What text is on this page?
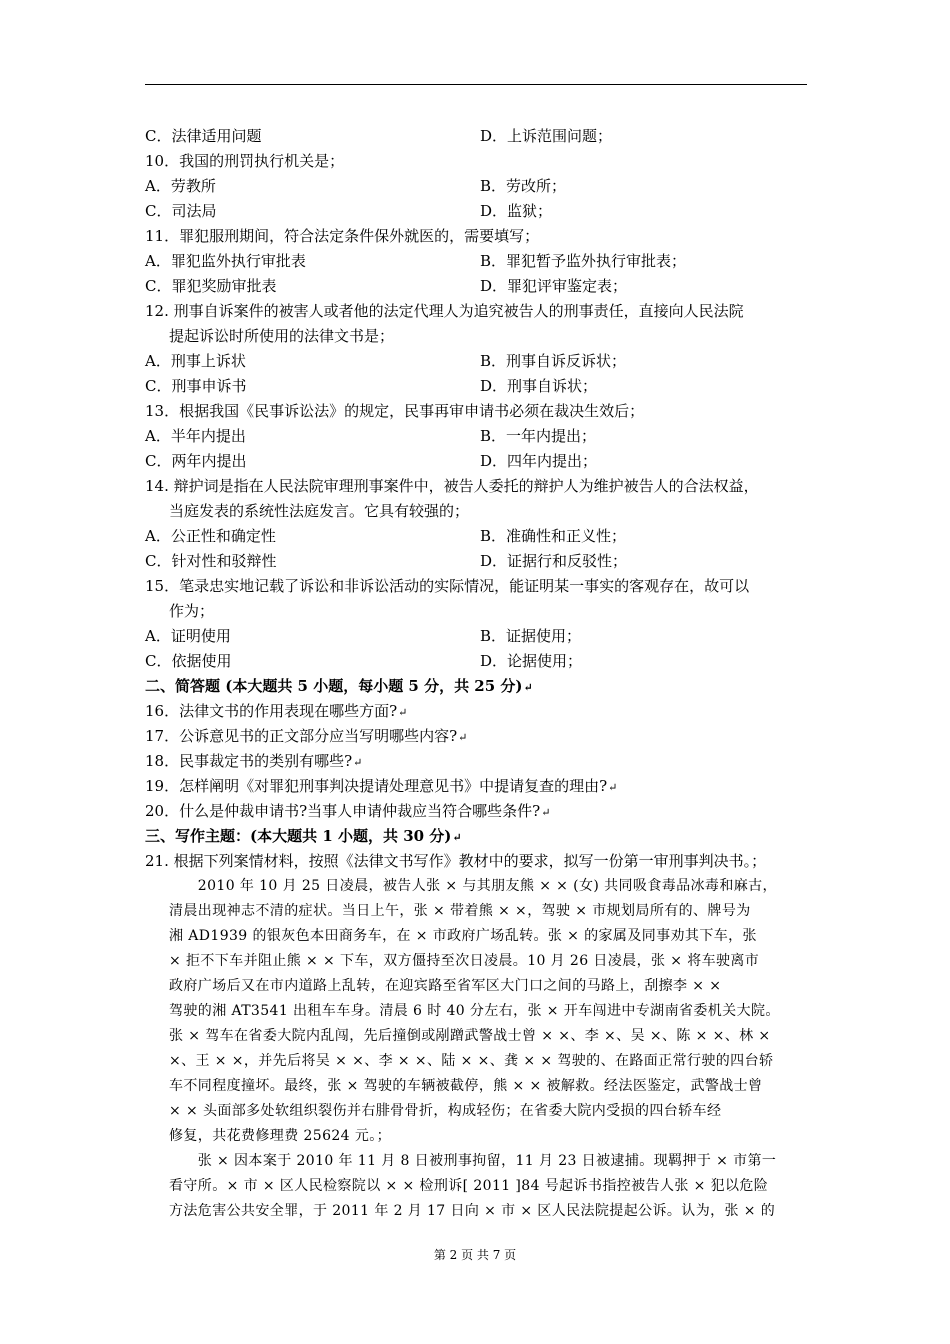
C．法律适用问题	D．上诉范围问题；
10．我国的刑罚执行机关是；
A．劳教所	B．劳改所；
C．司法局	D．监狱；
11．罪犯服刑期间，符合法定条件保外就医的，需要填写；
A．罪犯监外执行审批表	B．罪犯暂予监外执行审批表；
C．罪犯奖励审批表	D．罪犯评审鉴定表；
12. 刑事自诉案件的被害人或者他的法定代理人为追究被告人的刑事责任，直接向人民法院
提起诉讼时所使用的法律文书是；
A．刑事上诉状	B．刑事自诉反诉状；
C．刑事申诉书	D．刑事自诉状；
13．根据我国《民事诉讼法》的规定，民事再审申请书必须在裁决生效后；
A．半年内提出	B．一年内提出；
C．两年内提出	D．四年内提出；
14. 辩护词是指在人民法院审理刑事案件中，被告人委托的辩护人为维护被告人的合法权益，
当庭发表的系统性法庭发言。它具有较强的；
A．公正性和确定性	B．准确性和正义性；
C．针对性和驳辩性	D．证据行和反驳性；
15．笔录忠实地记载了诉讼和非诉讼活动的实际情况，能证明某一事实的客观存在，故可以
作为；
A．证明使用	B．证据使用；
C．依据使用	D．论据使用；
二、简答题 (本大题共 5 小题，每小题 5 分，共 25 分)↵
16．法律文书的作用表现在哪些方面?↵
17．公诉意见书的正文部分应当写明哪些内容?↵
18．民事裁定书的类别有哪些?↵
19．怎样阐明《对罪犯刑事判决提请处理意见书》中提请复查的理由?↵
20．什么是仲裁申请书?当事人申请仲裁应当符合哪些条件?↵
三、写作主题：(本大题共 1 小题，共 30 分)↵
21. 根据下列案情材料，按照《法律文书写作》教材中的要求，拟写一份第一审刑事判决书。；
　　2010 年 10 月 25 日凌晨，被告人张 × 与其朋友熊 × × (女) 共同吸食毒品冰毒和麻古，
清晨出现神志不清的症状。当日上午，张 × 带着熊 × ×，驾驶 × 市规划局所有的、牌号为
湘 AD1939 的银灰色本田商务车，在 × 市政府广场乱转。张 × 的家属及同事劝其下车，张
× 拒不下车并阻止熊 × × 下车，双方僵持至次日凌晨。10 月 26 日凌晨，张 × 将车驶离市
政府广场后又在市内道路上乱转，在迎宾路至省军区大门口之间的马路上，刮擦李 × ×
驾驶的湘 AT3541 出租车车身。清晨 6 时 40 分左右，张 × 开车闯进中专湖南省委机关大院。
张 × 驾车在省委大院内乱闯，先后撞倒或剐蹭武警战士曾 × ×、李 ×、吴 ×、陈 × ×、林 ×
×、王 × ×，并先后将吴 × ×、李 × ×、陆 × ×、龚 × × 驾驶的、在路面正常行驶的四台轿
车不同程度撞坏。最终，张 × 驾驶的车辆被截停，熊 × × 被解救。经法医鉴定，武警战士曾
× × 头面部多处软组织裂伤并右腓骨骨折，构成轻伤；在省委大院内受损的四台轿车经
修复，共花费修理费 25624 元。；
　　张 × 因本案于 2010 年 11 月 8 日被刑事拘留，11 月 23 日被逮捕。现羁押于 × 市第一
看守所。× 市 × 区人民检察院以 × × 检刑诉[ 2011 ]84 号起诉书指控被告人张 × 犯以危险
方法危害公共安全罪，于 2011 年 2 月 17 日向 × 市 × 区人民法院提起公诉。认为，张 × 的
第 2 页 共 7 页
